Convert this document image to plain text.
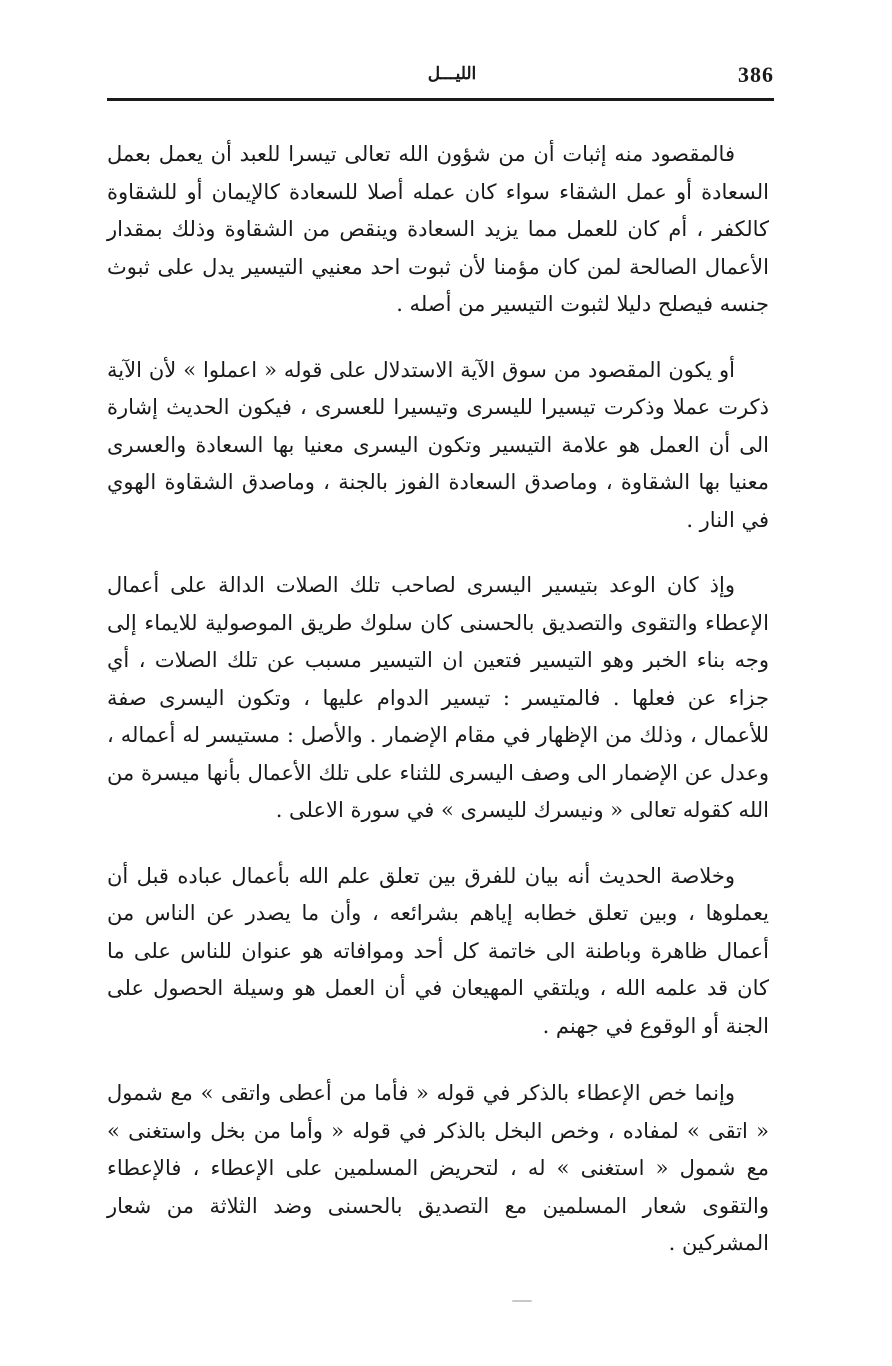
386
الليـــل

فالمقصود منه إثبات أن من شؤون الله تعالى تيسرا للعبد أن يعمل بعمل السعادة أو عمل الشقاء سواء كان عمله أصلا للسعادة كالإيمان أو للشقاوة كالكفر ، أم كان للعمل مما يزيد السعادة وينقص من الشقاوة وذلك بمقدار الأعمال الصالحة لمن كان مؤمنا لأن ثبوت احد معنيي التيسير يدل على ثبوث جنسه فيصلح دليلا لثبوت التيسير من أصله .

أو يكون المقصود من سوق الآية الاستدلال على قوله « اعملوا » لأن الآية ذكرت عملا وذكرت تيسيرا لليسرى وتيسيرا للعسرى ، فيكون الحديث إشارة الى أن العمل هو علامة التيسير وتكون اليسرى معنيا بها السعادة والعسرى معنيا بها الشقاوة ، وماصدق السعادة الفوز بالجنة ، وماصدق الشقاوة الهوي في النار .

وإذ كان الوعد بتيسير اليسرى لصاحب تلك الصلات الدالة على أعمال الإعطاء والتقوى والتصديق بالحسنى كان سلوك طريق الموصولية للايماء إلى وجه بناء الخبر وهو التيسير فتعين ان التيسير مسبب عن تلك الصلات ، أي جزاء عن فعلها . فالمتيسر : تيسير الدوام عليها ، وتكون اليسرى صفة للأعمال ، وذلك من الإظهار في مقام الإضمار . والأصل : مستيسر له أعماله ، وعدل عن الإضمار الى وصف اليسرى للثناء على تلك الأعمال بأنها ميسرة من الله كقوله تعالى « ونيسرك لليسرى » في سورة الاعلى .

وخلاصة الحديث أنه بيان للفرق بين تعلق علم الله بأعمال عباده قبل أن يعملوها ، وبين تعلق خطابه إياهم بشرائعه ، وأن ما يصدر عن الناس من أعمال ظاهرة وباطنة الى خاتمة كل أحد وموافاته هو عنوان للناس على ما كان قد علمه الله ، ويلتقي المهيعان في أن العمل هو وسيلة الحصول على الجنة أو الوقوع في جهنم .

وإنما خص الإعطاء بالذكر في قوله « فأما من أعطى واتقى » مع شمول « اتقى » لمفاده ، وخص البخل بالذكر في قوله « وأما من بخل واستغنى » مع شمول « استغنى » له ، لتحريض المسلمين على الإعطاء ، فالإعطاء والتقوى شعار المسلمين مع التصديق بالحسنى وضد الثلاثة من شعار المشركين .
